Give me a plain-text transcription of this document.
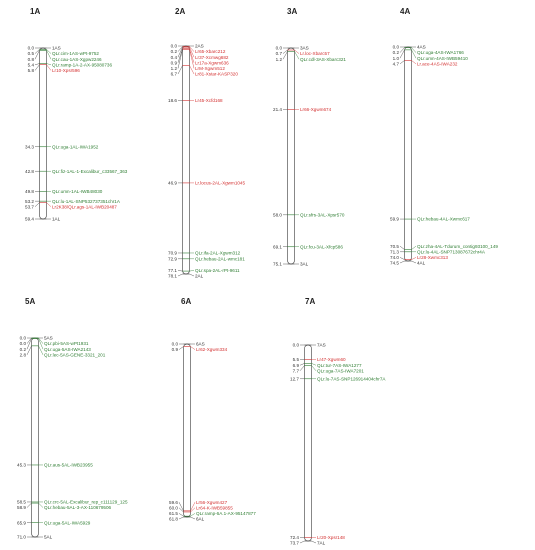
1A
0.0	1AS
0.5	QLr.cim-1AS-wPt-9752
0.8	QLr.cau-1AS-Xgpw2246
5.4	QLr.ramp-1A-2-AX-95080736
5.8	Lr10-Xpsr596
34.3	QLr.uga-1AL-IWA1952
42.8	QLr.fiz-1AL-1-Excalibur_c33567_363
49.8	QLr.umn-1AL-IWB48030
53.2	QLr.lu-1AL-SNP532737351chr1A
53.7	Lr2K38/QLr.ags-1AL-IWB20487
59.4	1AL
2A
0.0	2AS
0.2	Lr65-Xbarc212
0.4	Lr37-Xcmwg682
0.9	Lr17a-Xgwm636
1.2	LrM-Xgwm512
6.7	Lr81-Xstar-KASP320
18.6	Lr45-Xcfd168
46.9	Lr.locus-2AL-Xgwm1045
70.9	QLr.ifa-2AL-Xgwm312
72.9	QLr.hebau-2AL-wmc181
77.1	QLr.spa-2AL-rPt-9611
78.1	2AL
3A
0.0	3AS
0.7	Lr.loc-Xbarc57
1.2	QLr.cdl-3AS-Xbarc321
21.4	Lr66-Xgwm674
58.0	QLr.sfrs-3AL-Xpsr570
69.1	QLr.fcu-3AL-Xfcp586
75.1	3AL
4A
0.0	4AS
0.2	QLr.uga-4AS-IWA1766
1.0	QLr.umn-4AS-IWB59410
4.7	Lr.ace-4AS-IWA232
59.9	QLr.hebau-4AL-Xwmc617
70.5	QLr.zha-4AL-Tdurum_contig93100_149
71.3	QLr.lu-4AL-SNP713087672chr4A
74.0	Lr28-Xwmc313
74.5	4AL
5A
0.0	5AS
0.0	QLr.pbi-5AS-wPt1931
0.2	QLr.uga-5AS-IWA2143
2.8	QLr.lec-5AS-GENE-3321_201
45.3	QLr.aus-5AL-IWB23955
58.5	QLr.crc-5AL-Excalibur_rep_c111129_125
58.9	QLr.hebau-5AL-3-AX-110679506
65.9	QLr.uga-5AL-IWA5929
71.0	5AL
6A
0.0	6AS
0.9	Lr62-Xgwm334
59.6	Lr56-Xgwm427
60.0	Lr64-K-IWB59855
61.5	QLr.ramp-6A.1-AX-95147877
61.8	6AL
7A
0.0	7AS
5.5	Lr47-Xgwm60
6.9	QLr.tur-7AS-IWA1277
7.7	QLr.uga-7AS-IWA7201
12.7	QLr.lu-7AS-SNP126914404chr7A
72.4	Lr20-Xpsr148
73.7	7AL
